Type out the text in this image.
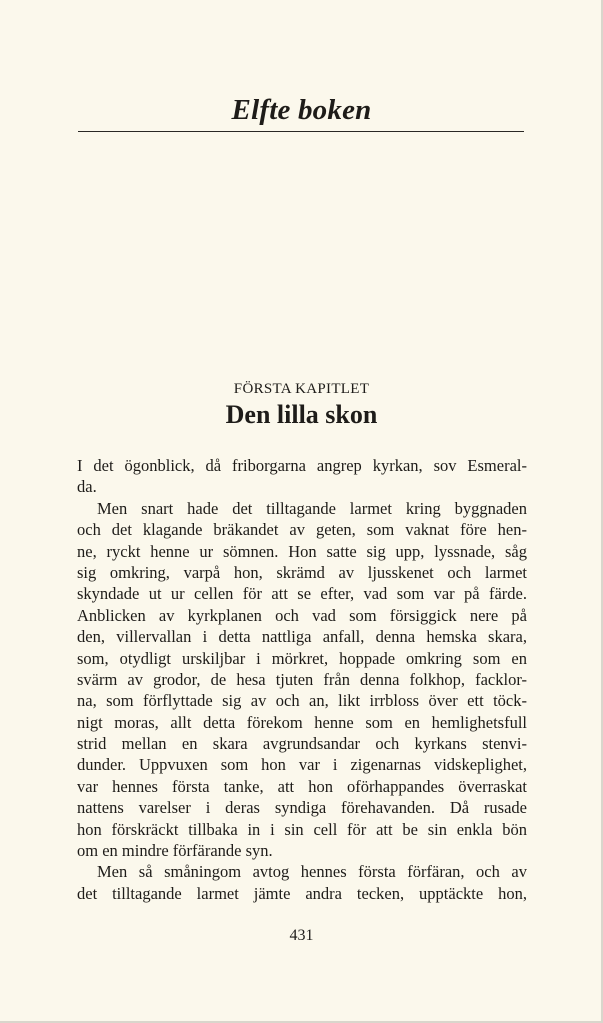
Elfte boken
FÖRSTA KAPITLET
Den lilla skon
I det ögonblick, då friborgarna angrep kyrkan, sov Esmeral-
da.
Men snart hade det tilltagande larmet kring byggnaden
och det klagande bräkandet av geten, som vaknat före hen-
ne, ryckt henne ur sömnen. Hon satte sig upp, lyssnade, såg
sig omkring, varpå hon, skrämd av ljusskenet och larmet
skyndade ut ur cellen för att se efter, vad som var på färde.
Anblicken av kyrkplanen och vad som försiggick nere på
den, villervallan i detta nattliga anfall, denna hemska skara,
som, otydligt urskiljbar i mörkret, hoppade omkring som en
svärm av grodor, de hesa tjuten från denna folkhop, facklor-
na, som förflyttade sig av och an, likt irrbloss över ett töck-
nigt moras, allt detta förekom henne som en hemlighetsfull
strid mellan en skara avgrundsandar och kyrkans stenvi-
dunder. Uppvuxen som hon var i zigenarnas vidskeplighet,
var hennes första tanke, att hon oförhappandes överraskat
nattens varelser i deras syndiga förehavanden. Då rusade
hon förskräckt tillbaka in i sin cell för att be sin enkla bön
om en mindre förfärande syn.
Men så småningom avtog hennes första förfäran, och av
det tilltagande larmet jämte andra tecken, upptäckte hon,
431
